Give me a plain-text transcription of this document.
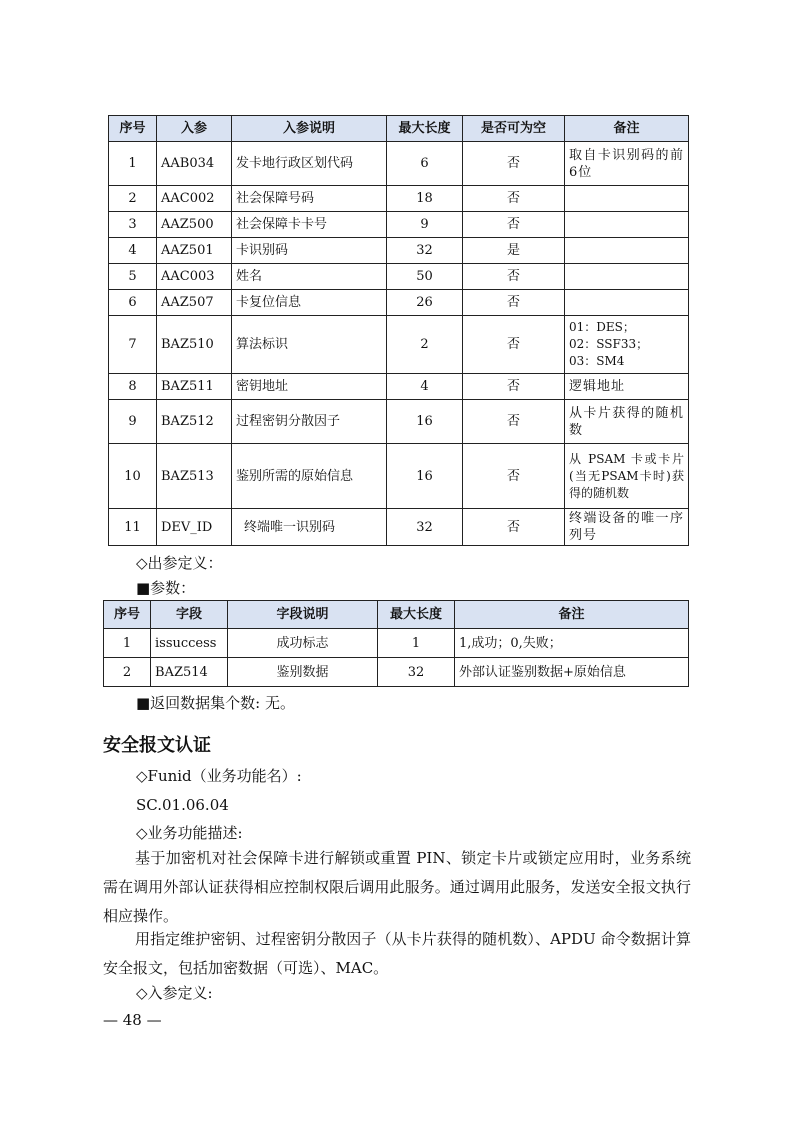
序号	入参	入参说明	最大长度	是否可为空	备注
1	AAB034	发卡地行政区划代码	6	否	取自卡识别码的前6位
2	AAC002	社会保障号码	18	否	
3	AAZ500	社会保障卡卡号	9	否	
4	AAZ501	卡识别码	32	是	
5	AAC003	姓名	50	否	
6	AAZ507	卡复位信息	26	否	
7	BAZ510	算法标识	2	否	01：DES；
02：SSF33；
03：SM4

8	BAZ511	密钥地址	4	否	逻辑地址
9	BAZ512	过程密钥分散因子	16	否	从卡片获得的随机数
10	BAZ513	鉴别所需的原始信息	16	否	从 PSAM 卡或卡片(当无PSAM卡时)获得的随机数
11	DEV_ID	终端唯一识别码	32	否	终端设备的唯一序列号
◇出参定义：
■参数：
序号	字段	字段说明	最大长度	备注
1	issuccess	成功标志	1	1,成功；0,失败；
2	BAZ514	鉴别数据	32	外部认证鉴别数据+原始信息
■返回数据集个数: 无。
安全报文认证
◇Funid（业务功能名）:
SC.01.06.04
◇业务功能描述:
基于加密机对社会保障卡进行解锁或重置 PIN、锁定卡片或锁定应用时，业务系统需在调用外部认证获得相应控制权限后调用此服务。通过调用此服务，发送安全报文执行相应操作。
用指定维护密钥、过程密钥分散因子（从卡片获得的随机数）、APDU 命令数据计算安全报文，包括加密数据（可选）、MAC。
◇入参定义:
— 48 —
